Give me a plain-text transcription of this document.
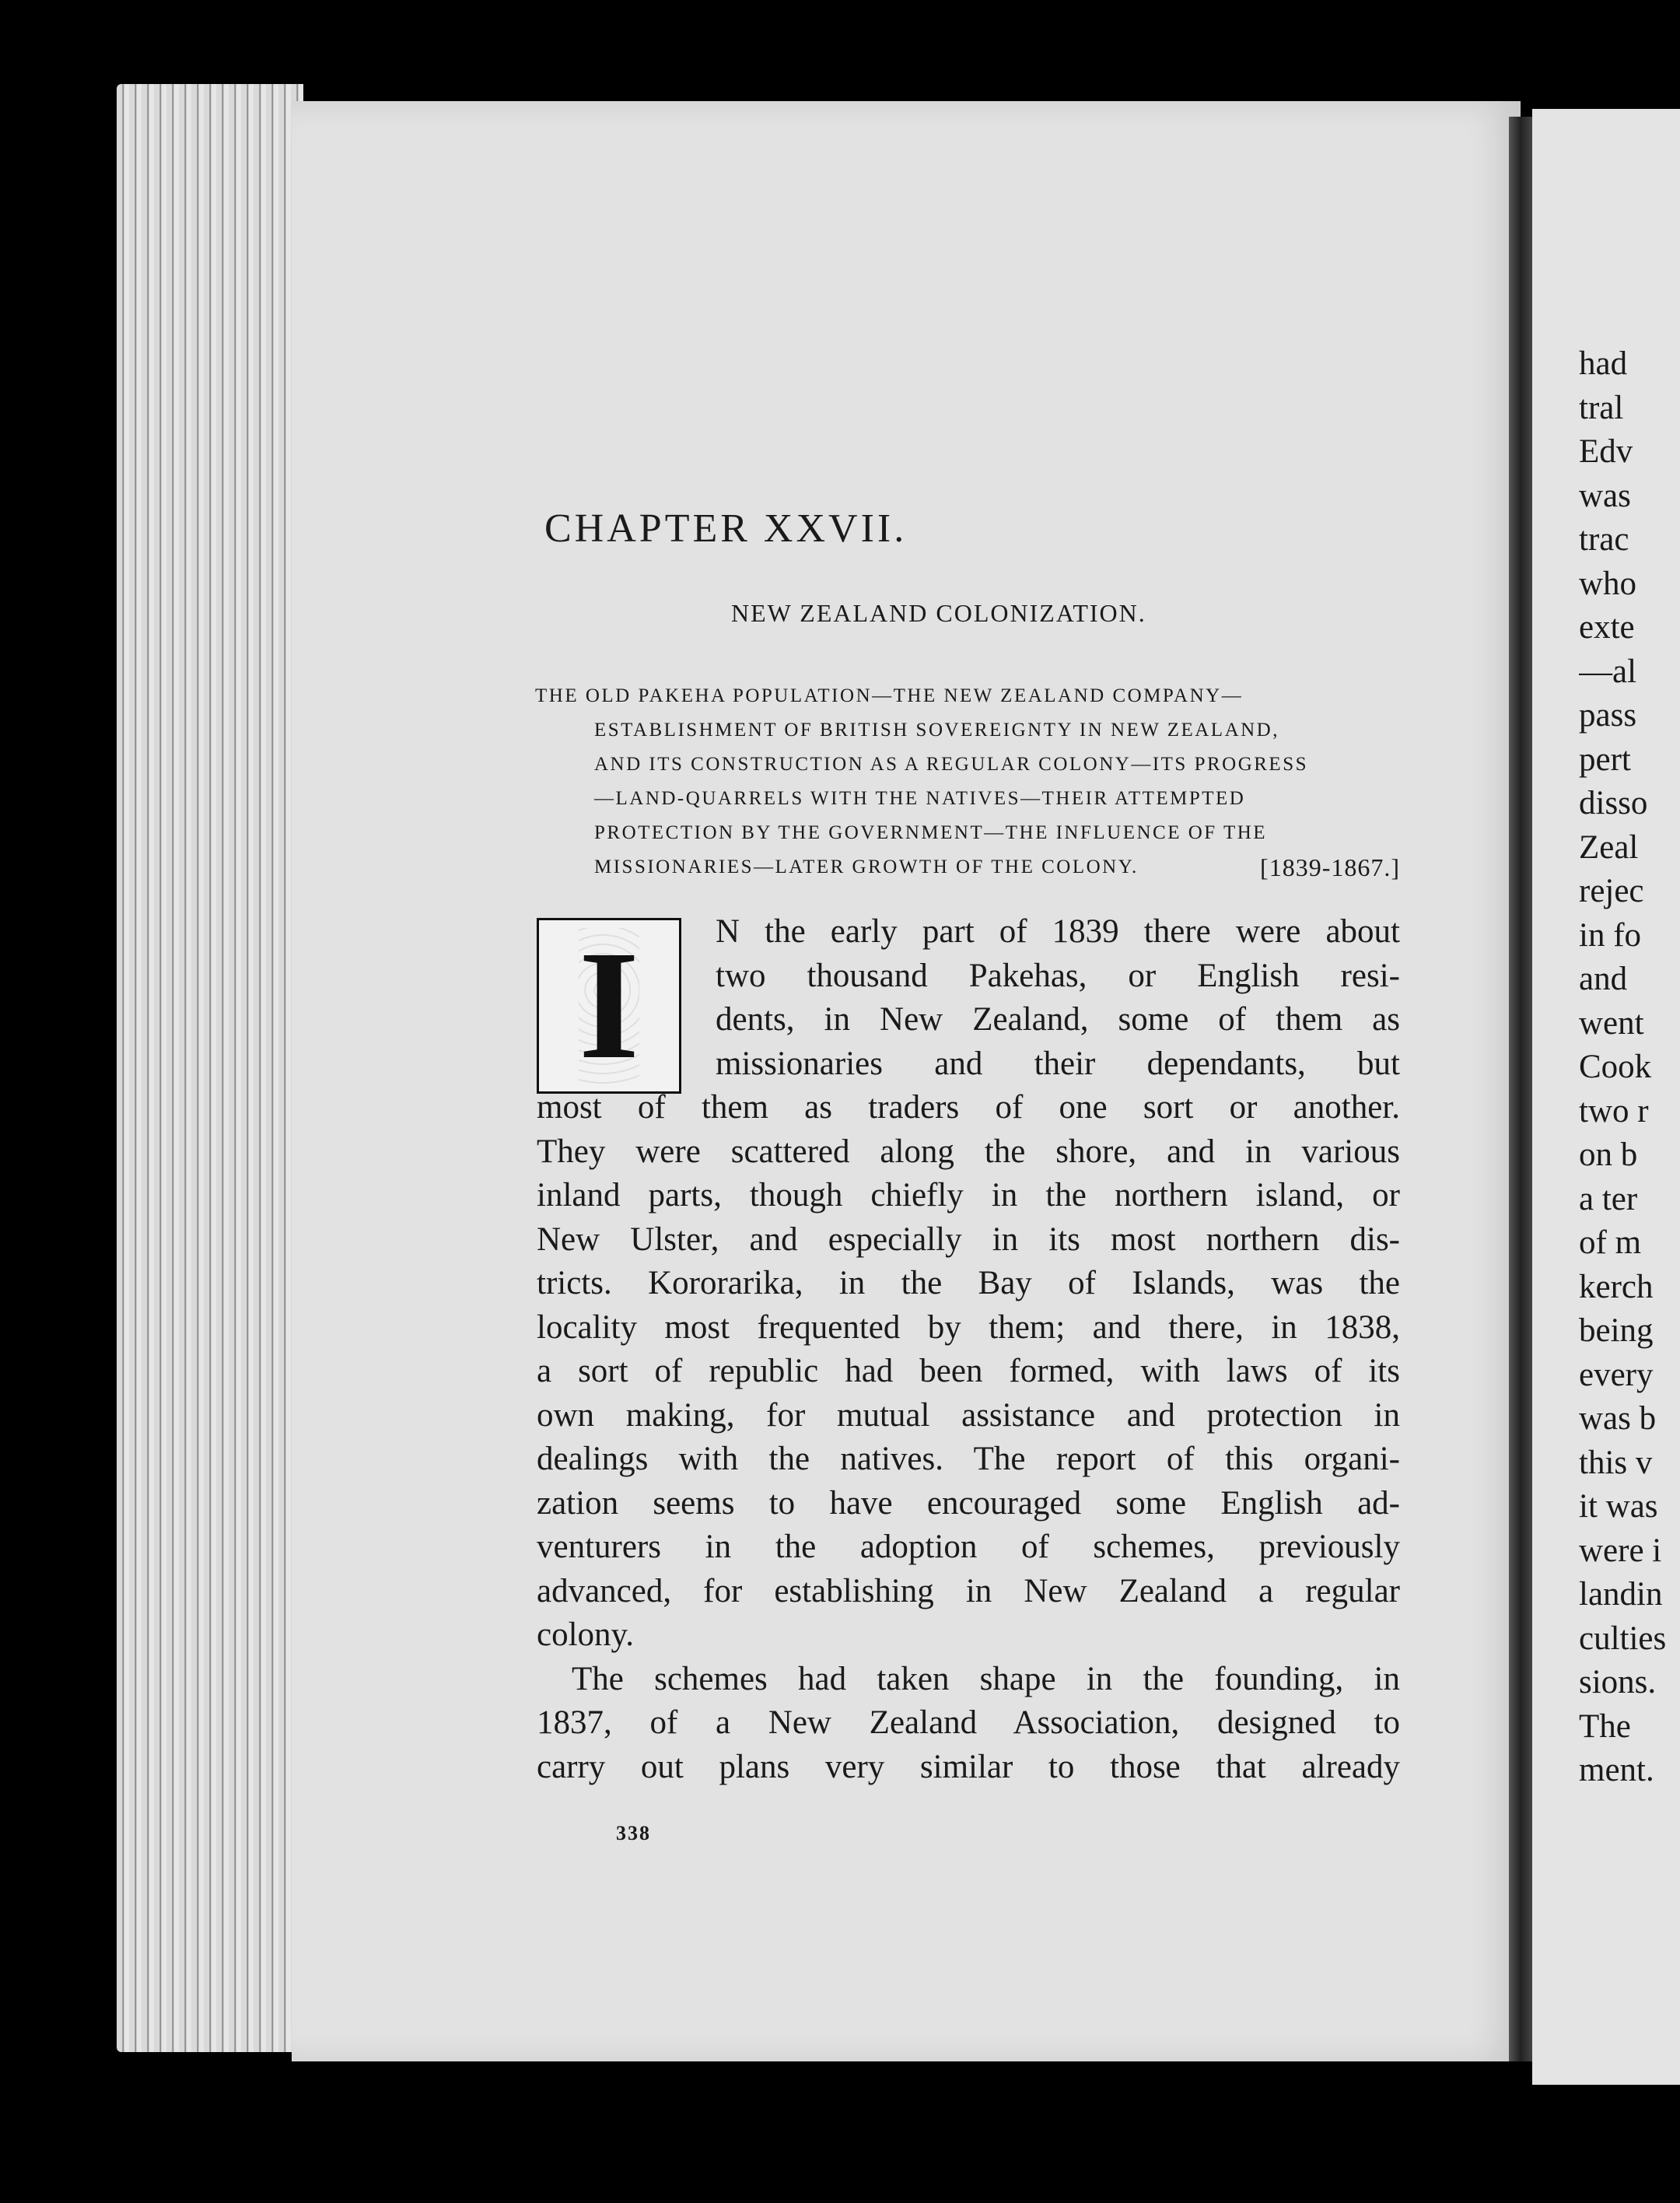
CHAPTER XXVII.
NEW ZEALAND COLONIZATION.
THE OLD PAKEHA POPULATION—THE NEW ZEALAND COMPANY—
ESTABLISHMENT OF BRITISH SOVEREIGNTY IN NEW ZEALAND,
AND ITS CONSTRUCTION AS A REGULAR COLONY—ITS PROGRESS
—LAND-QUARRELS WITH THE NATIVES—THEIR ATTEMPTED
PROTECTION BY THE GOVERNMENT—THE INFLUENCE OF THE
MISSIONARIES—LATER GROWTH OF THE COLONY.	[1839-1867.]
I	N the early part of 1839 there were about
two thousand Pakehas, or English resi-
dents, in New Zealand, some of them as
missionaries and their dependants, but
most of them as traders of one sort or another.
They were scattered along the shore, and in various
inland parts, though chiefly in the northern island, or
New Ulster, and especially in its most northern dis-
tricts. Kororarika, in the Bay of Islands, was the
locality most frequented by them; and there, in 1838,
a sort of republic had been formed, with laws of its
own making, for mutual assistance and protection in
dealings with the natives. The report of this organi-
zation seems to have encouraged some English ad-
venturers in the adoption of schemes, previously
advanced, for establishing in New Zealand a regular
colony.
The schemes had taken shape in the founding, in
1837, of a New Zealand Association, designed to
carry out plans very similar to those that already
338
had
tral
Edv
was
trac
who
exte
—al
pass
pert
disso
Zeal
rejec
in fo
and
went
Cook
two r
on b
a ter
of m
kerch
being
every
was b
this v
it was
were i
landin
culties
sions.
The
ment.
